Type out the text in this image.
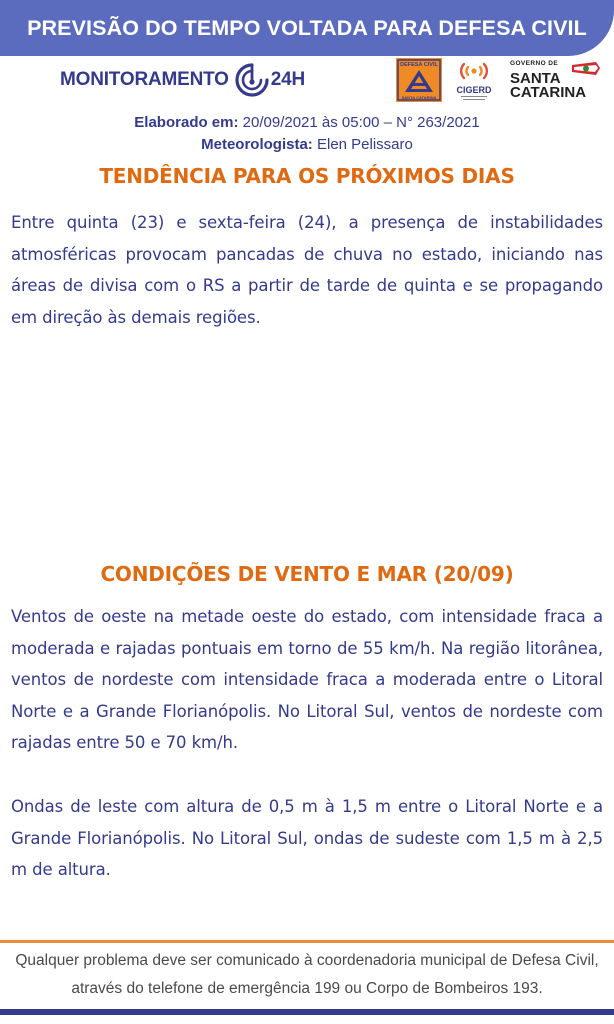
PREVISÃO DO TEMPO VOLTADA PARA DEFESA CIVIL
MONITORAMENTO 24H
DEFESA CIVIL
SANTA CATARINA
CIGERD
GOVERNO DE
SANTA
CATARINA
Elaborado em: 20/09/2021 às 05:00 – N° 263/2021
Meteorologista: Elen Pelissaro
TENDÊNCIA PARA OS PRÓXIMOS DIAS
Entre quinta (23) e sexta-feira (24), a presença de instabilidades atmosféricas provocam pancadas de chuva no estado, iniciando nas áreas de divisa com o RS a partir de tarde de quinta e se propagando em direção às demais regiões.
CONDIÇÕES DE VENTO E MAR (20/09)
Ventos de oeste na metade oeste do estado, com intensidade fraca a moderada e rajadas pontuais em torno de 55 km/h. Na região litorânea, ventos de nordeste com intensidade fraca a moderada entre o Litoral Norte e a Grande Florianópolis. No Litoral Sul, ventos de nordeste com rajadas entre 50 e 70 km/h.
Ondas de leste com altura de 0,5 m à 1,5 m entre o Litoral Norte e a Grande Florianópolis. No Litoral Sul, ondas de sudeste com 1,5 m à 2,5 m de altura.
Qualquer problema deve ser comunicado à coordenadoria municipal de Defesa Civil,
através do telefone de emergência 199 ou Corpo de Bombeiros 193.
